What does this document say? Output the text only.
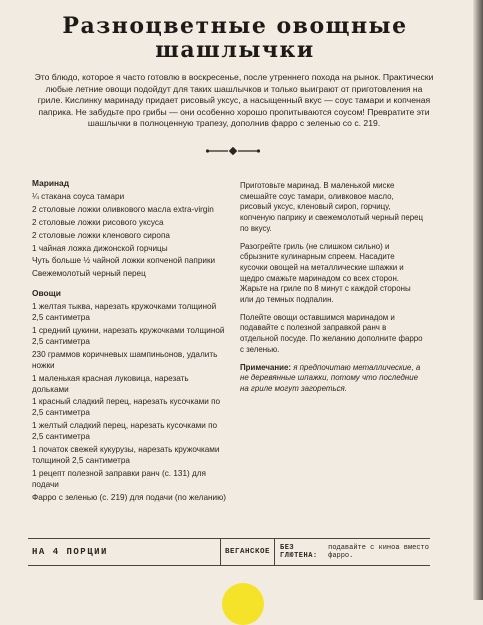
Разноцветные овощные шашлычки

Это блюдо, которое я часто готовлю в воскресенье, после утреннего похода на рынок. Практически любые летние овощи подойдут для таких шашлычков и только выиграют от приготовления на гриле. Кислинку маринаду придает рисовый уксус, а насыщенный вкус — соус тамари и копченая паприка. Не забудьте про грибы — они особенно хорошо пропитываются соусом! Превратите эти шашлычки в полноценную трапезу, дополнив фарро с зеленью со с. 219.

Маринад
¼ стакана соуса тамари
2 столовые ложки оливкового масла extra-virgin
2 столовые ложки рисового уксуса
2 столовые ложки кленового сиропа
1 чайная ложка дижонской горчицы
Чуть больше ½ чайной ложки копченой паприки
Свежемолотый черный перец
Овощи
1 желтая тыква, нарезать кружочками толщиной 2,5 сантиметра
1 средний цукини, нарезать кружочками толщиной 2,5 сантиметра
230 граммов коричневых шампиньонов, удалить ножки
1 маленькая красная луковица, нарезать дольками
1 красный сладкий перец, нарезать кусочками по 2,5 сантиметра
1 желтый сладкий перец, нарезать кусочками по 2,5 сантиметра
1 початок свежей кукурузы, нарезать кружочками толщиной 2,5 сантиметра
1 рецепт полезной заправки ранч (с. 131) для подачи
Фарро с зеленью (с. 219) для подачи (по желанию)

Приготовьте маринад. В маленькой миске смешайте соус тамари, оливковое масло, рисовый уксус, кленовый сироп, горчицу, копченую паприку и свежемолотый черный перец по вкусу.

Разогрейте гриль (не слишком сильно) и сбрызните кулинарным спреем. Насадите кусочки овощей на металлические шпажки и щедро смажьте маринадом со всех сторон. Жарьте на гриле по 8 минут с каждой стороны или до темных подпалин.

Полейте овощи оставшимся маринадом и подавайте с полезной заправкой ранч в отдельной посуде. По желанию дополните фарро с зеленью.

Примечание: я предпочитаю металлические, а не деревянные шпажки, потому что последние на гриле могут загореться.

НА 4 ПОРЦИИ	ВЕГАНСКОЕ	БЕЗ ГЛЮТЕНА:
подавайте с киноа вместо фарро.
